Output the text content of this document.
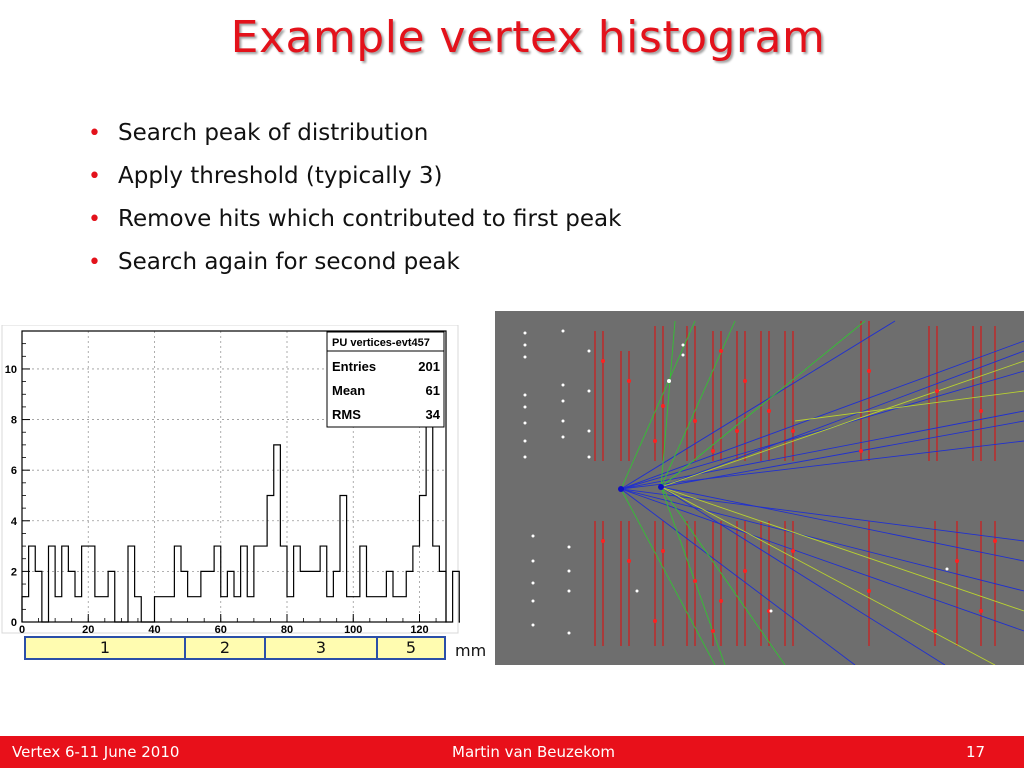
Example vertex histogram
• Search peak of distribution
• Apply threshold (typically 3)
• Remove hits which contributed to first peak
• Search again for second peak
0	20	40	60	80	100	120
0
2
4
6
8
10
PU vertices-evt457
Entries	201
Mean	61
RMS	34
1	2	3	5	mm
Vertex 6-11 June 2010	Martin van Beuzekom	17
